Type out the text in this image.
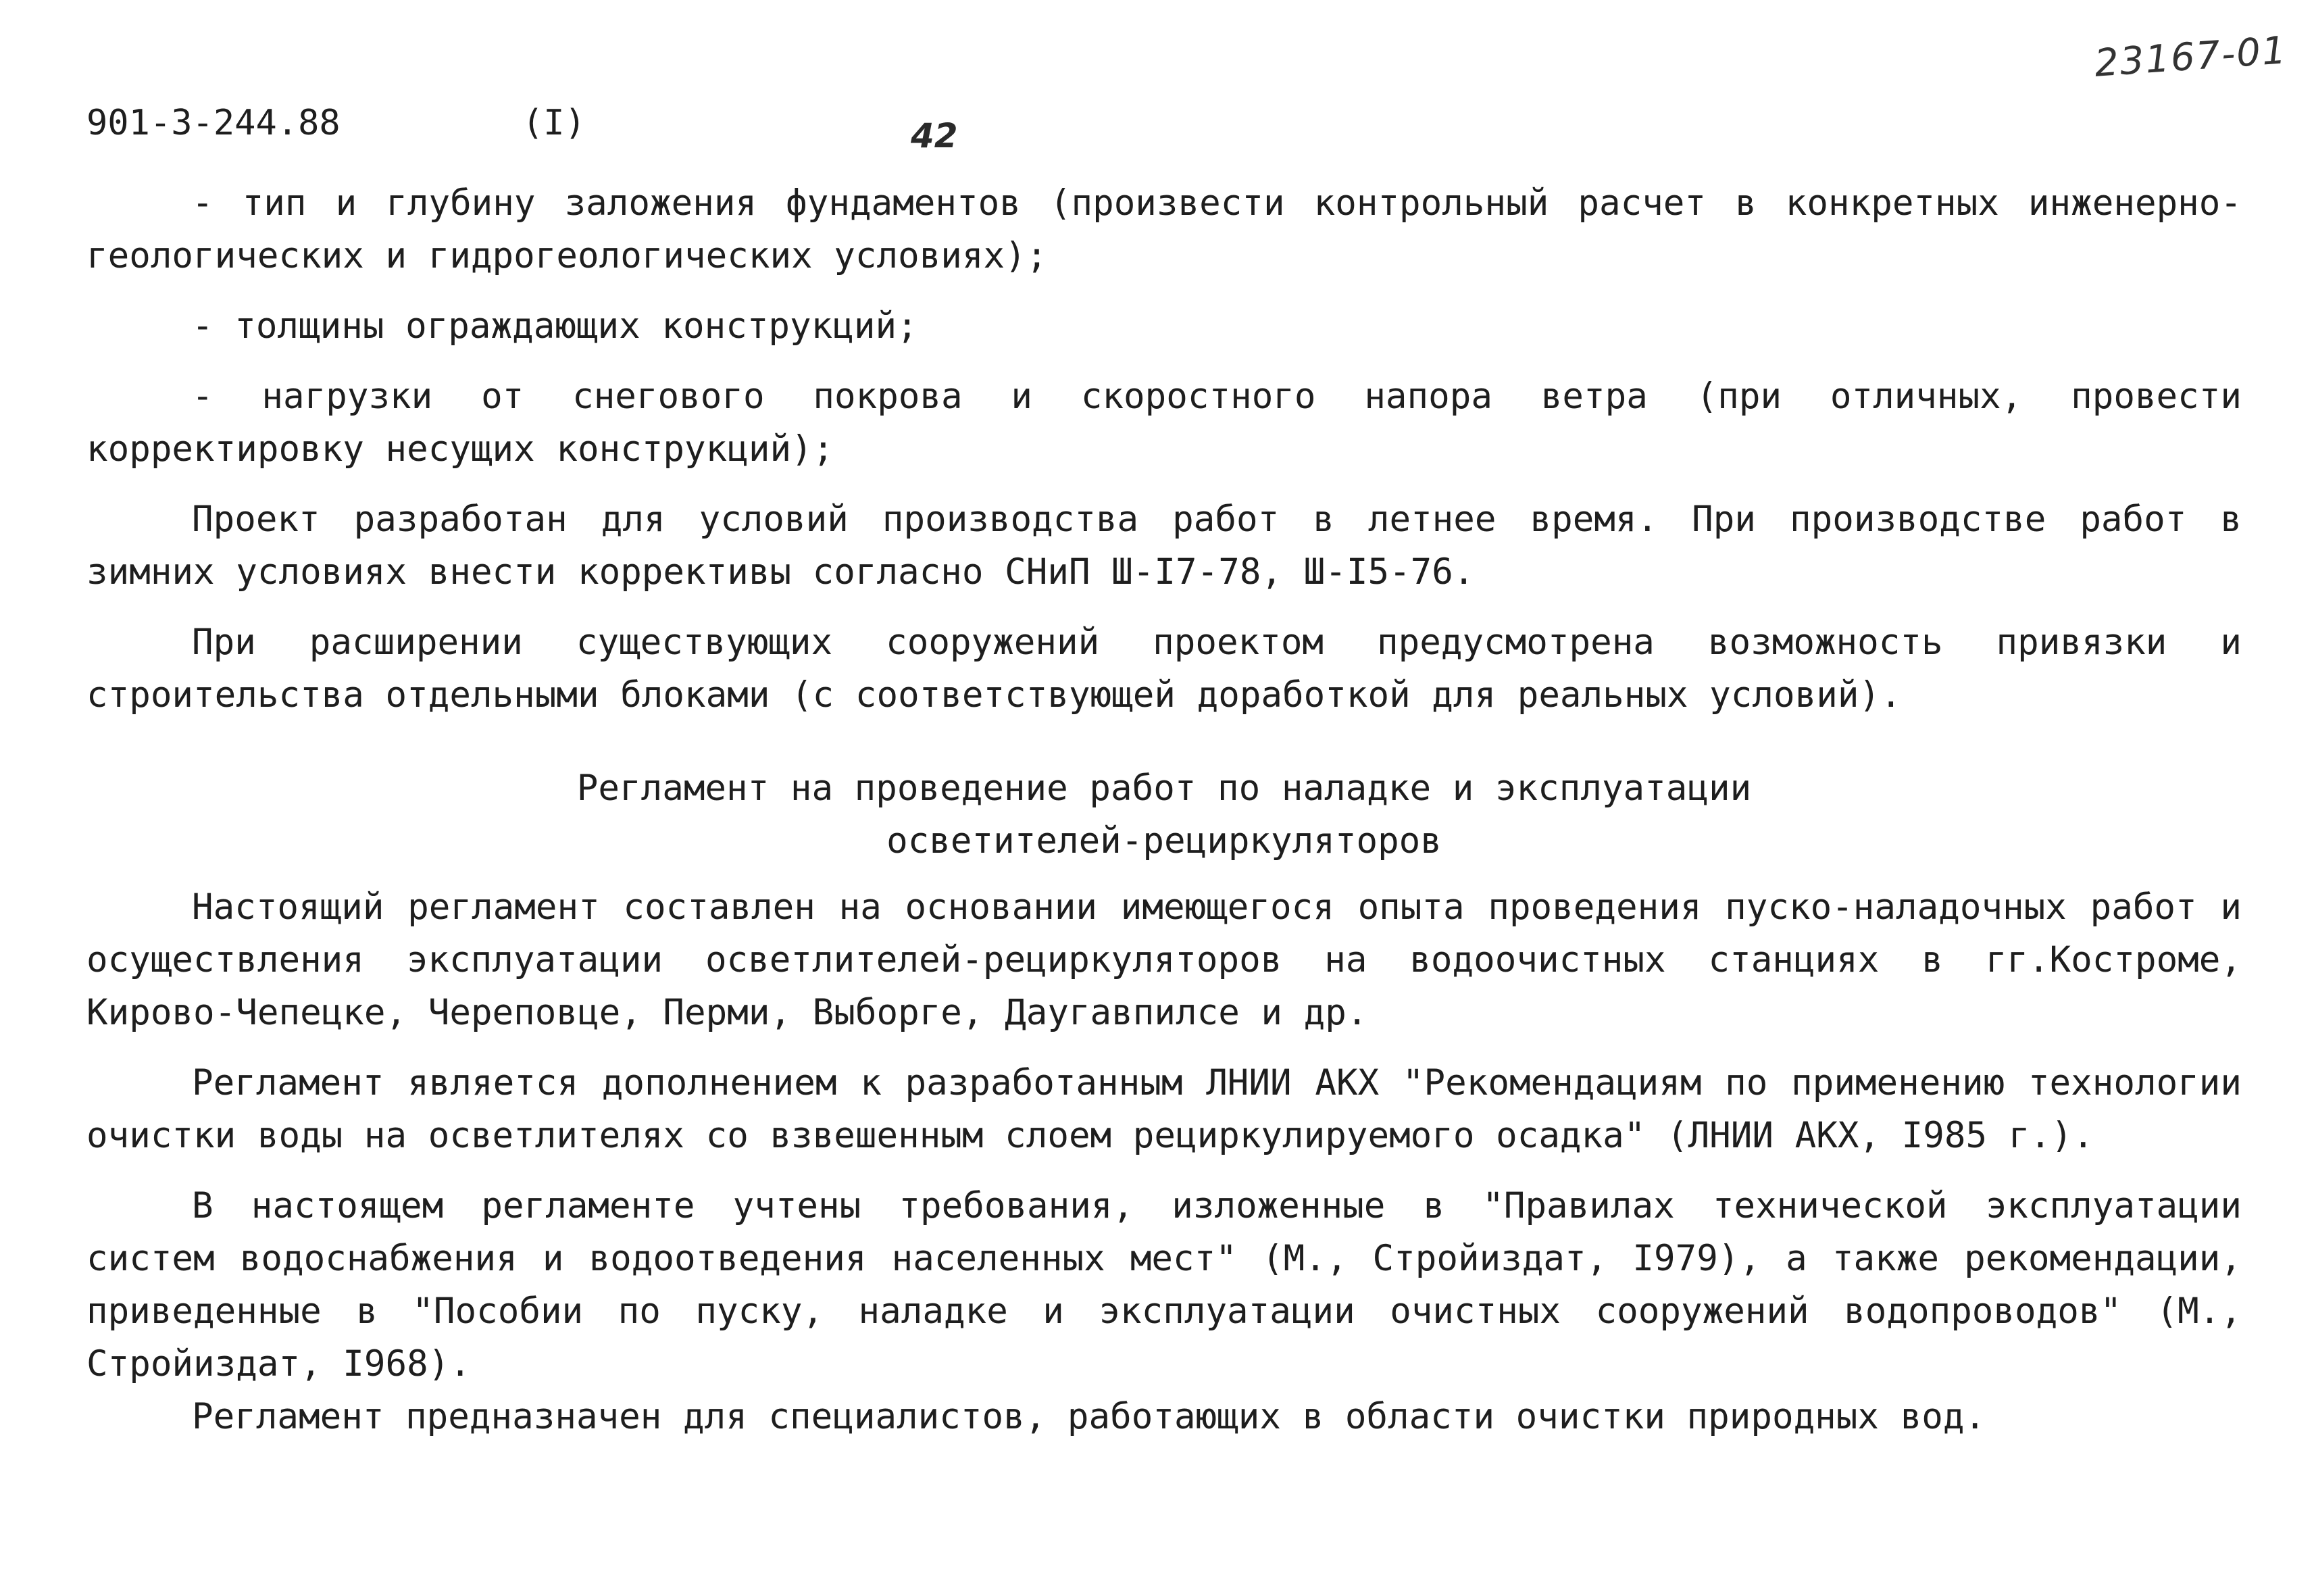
23167-01

901-3-244.88

	(I)

	42

- тип и глубину заложения фундаментов (произвести контрольный расчет в конкретных инженерно-геологических и гидрогеологических условиях);

- толщины ограждающих конструкций;

- нагрузки от снегового покрова и скоростного напора ветра (при отличных, провести корректировку несущих конструкций);

Проект разработан для условий производства работ в летнее время. При производстве работ в зимних условиях внести коррективы согласно СНиП Ш-I7-78, Ш-I5-76.

При расширении существующих сооружений проектом предусмотрена возможность привязки и строительства отдельными блоками (с соответствующей доработкой для реальных условий).

Регламент на проведение работ по наладке и эксплуатации
осветителей-рециркуляторов

Настоящий регламент составлен на основании имеющегося опыта проведения пуско-наладочных работ и осуществления эксплуатации осветлителей-рециркуляторов на водоочистных станциях в гг.Костроме, Кирово-Чепецке, Череповце, Перми, Выборге, Даугавпилсе и др.

Регламент является дополнением к разработанным ЛНИИ АКХ "Рекомендациям по применению технологии очистки воды на осветлителях со взвешенным слоем рециркулируемого осадка" (ЛНИИ АКХ, I985 г.).

В настоящем регламенте учтены требования, изложенные в "Правилах технической эксплуатации систем водоснабжения и водоотведения населенных мест" (М., Стройиздат, I979), а также рекомендации, приведенные в "Пособии по пуску, наладке и эксплуатации очистных сооружений водопроводов" (М., Стройиздат, I968).

Регламент предназначен для специалистов, работающих в области очистки природных вод.
